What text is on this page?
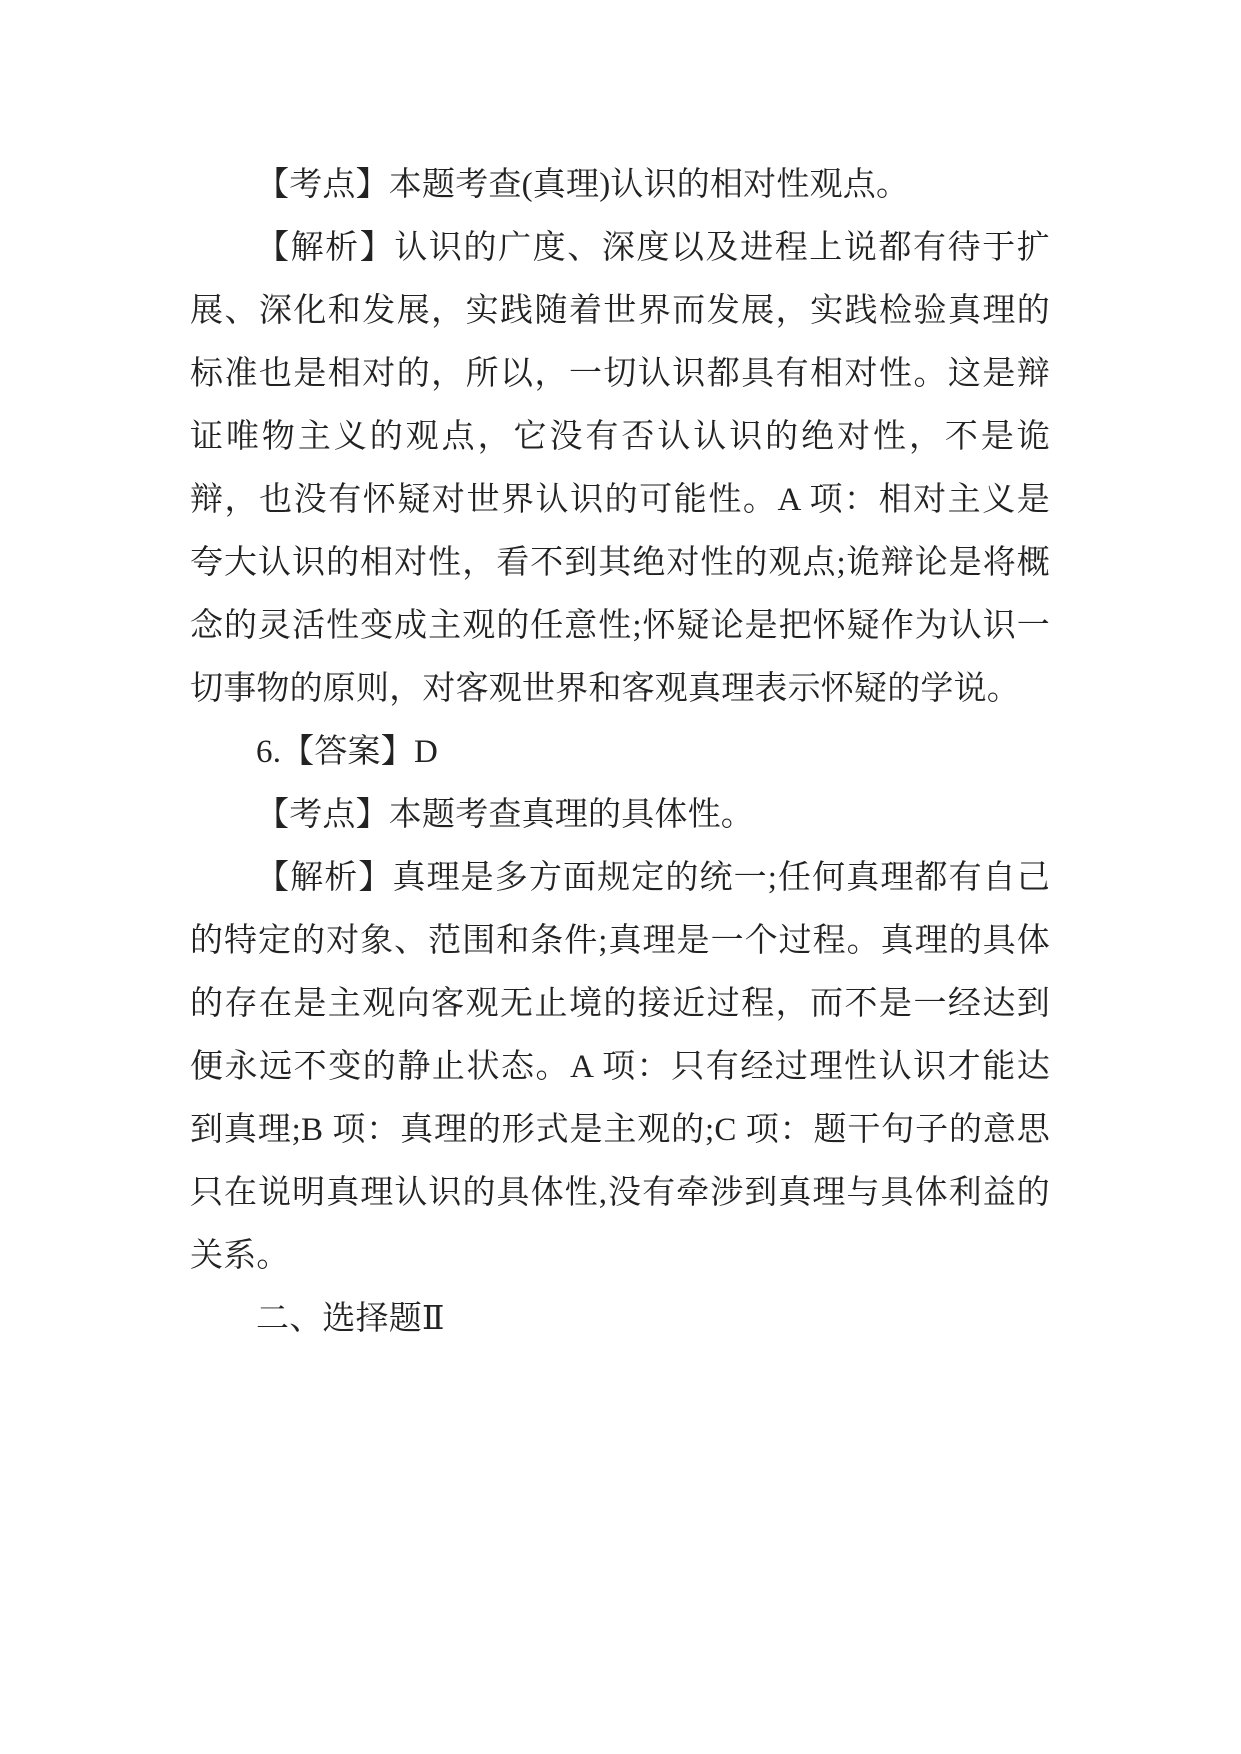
【考点】本题考查(真理)认识的相对性观点。

【解析】认识的广度、深度以及进程上说都有待于扩展、深化和发展，实践随着世界而发展，实践检验真理的标准也是相对的，所以，一切认识都具有相对性。这是辩证唯物主义的观点，它没有否认认识的绝对性，不是诡辩，也没有怀疑对世界认识的可能性。A 项：相对主义是夸大认识的相对性，看不到其绝对性的观点;诡辩论是将概念的灵活性变成主观的任意性;怀疑论是把怀疑作为认识一切事物的原则，对客观世界和客观真理表示怀疑的学说。

6.【答案】D

【考点】本题考查真理的具体性。

【解析】真理是多方面规定的统一;任何真理都有自己的特定的对象、范围和条件;真理是一个过程。真理的具体的存在是主观向客观无止境的接近过程，而不是一经达到便永远不变的静止状态。A 项：只有经过理性认识才能达到真理;B 项：真理的形式是主观的;C 项：题干句子的意思只在说明真理认识的具体性,没有牵涉到真理与具体利益的关系。

二、选择题Ⅱ
